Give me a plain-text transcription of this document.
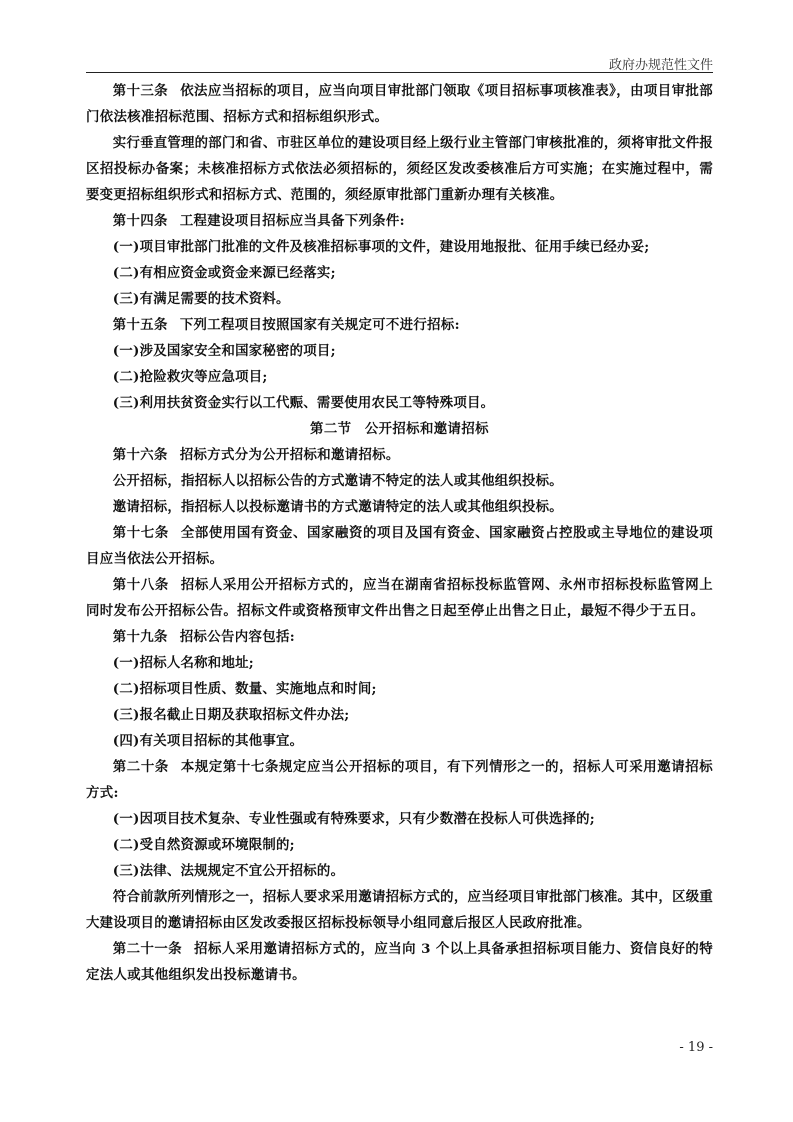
政府办规范性文件

第十三条 依法应当招标的项目，应当向项目审批部门领取《项目招标事项核准表》，由项目审批部门依法核准招标范围、招标方式和招标组织形式。

实行垂直管理的部门和省、市驻区单位的建设项目经上级行业主管部门审核批准的，须将审批文件报区招投标办备案；未核准招标方式依法必须招标的，须经区发改委核准后方可实施；在实施过程中，需要变更招标组织形式和招标方式、范围的，须经原审批部门重新办理有关核准。

第十四条 工程建设项目招标应当具备下列条件:

(一)项目审批部门批准的文件及核准招标事项的文件，建设用地报批、征用手续已经办妥;

(二)有相应资金或资金来源已经落实;

(三)有满足需要的技术资料。

第十五条 下列工程项目按照国家有关规定可不进行招标:

(一)涉及国家安全和国家秘密的项目;

(二)抢险救灾等应急项目;

(三)利用扶贫资金实行以工代赈、需要使用农民工等特殊项目。

第二节 公开招标和邀请招标

第十六条 招标方式分为公开招标和邀请招标。

公开招标，指招标人以招标公告的方式邀请不特定的法人或其他组织投标。

邀请招标，指招标人以投标邀请书的方式邀请特定的法人或其他组织投标。

第十七条 全部使用国有资金、国家融资的项目及国有资金、国家融资占控股或主导地位的建设项目应当依法公开招标。

第十八条 招标人采用公开招标方式的，应当在湖南省招标投标监管网、永州市招标投标监管网上同时发布公开招标公告。招标文件或资格预审文件出售之日起至停止出售之日止，最短不得少于五日。

第十九条 招标公告内容包括:

(一)招标人名称和地址;

(二)招标项目性质、数量、实施地点和时间;

(三)报名截止日期及获取招标文件办法;

(四)有关项目招标的其他事宜。

第二十条 本规定第十七条规定应当公开招标的项目，有下列情形之一的，招标人可采用邀请招标方式:

(一)因项目技术复杂、专业性强或有特殊要求，只有少数潜在投标人可供选择的;

(二)受自然资源或环境限制的;

(三)法律、法规规定不宜公开招标的。

符合前款所列情形之一，招标人要求采用邀请招标方式的，应当经项目审批部门核准。其中，区级重大建设项目的邀请招标由区发改委报区招标投标领导小组同意后报区人民政府批准。

第二十一条 招标人采用邀请招标方式的，应当向 3 个以上具备承担招标项目能力、资信良好的特定法人或其他组织发出投标邀请书。

- 19 -
